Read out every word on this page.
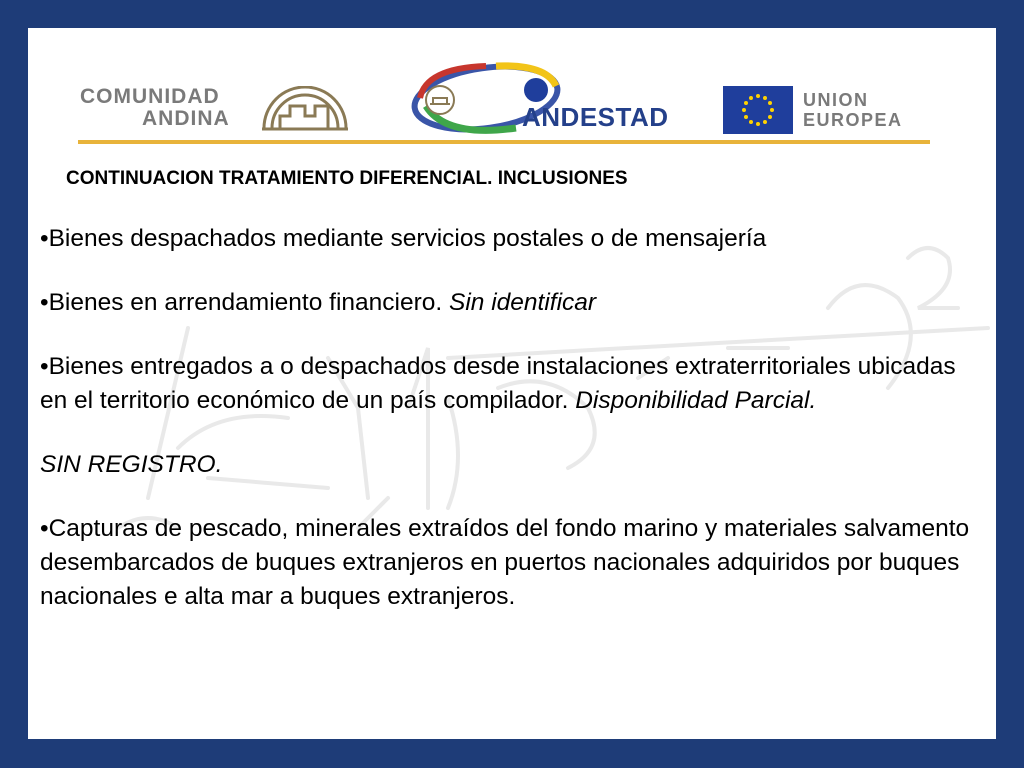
COMUNIDAD
ANDINA	ANDESTAD
UNION
EUROPEA

CONTINUACION TRATAMIENTO DIFERENCIAL. INCLUSIONES

•Bienes despachados mediante servicios postales o de mensajería

•Bienes en arrendamiento financiero. Sin identificar

•Bienes entregados a o despachados desde instalaciones extraterritoriales ubicadas en el territorio económico de un país compilador. Disponibilidad Parcial.

SIN REGISTRO.

•Capturas de pescado, minerales extraídos del fondo marino y materiales salvamento desembarcados de buques extranjeros en puertos nacionales adquiridos por buques nacionales e alta mar a buques extranjeros.
